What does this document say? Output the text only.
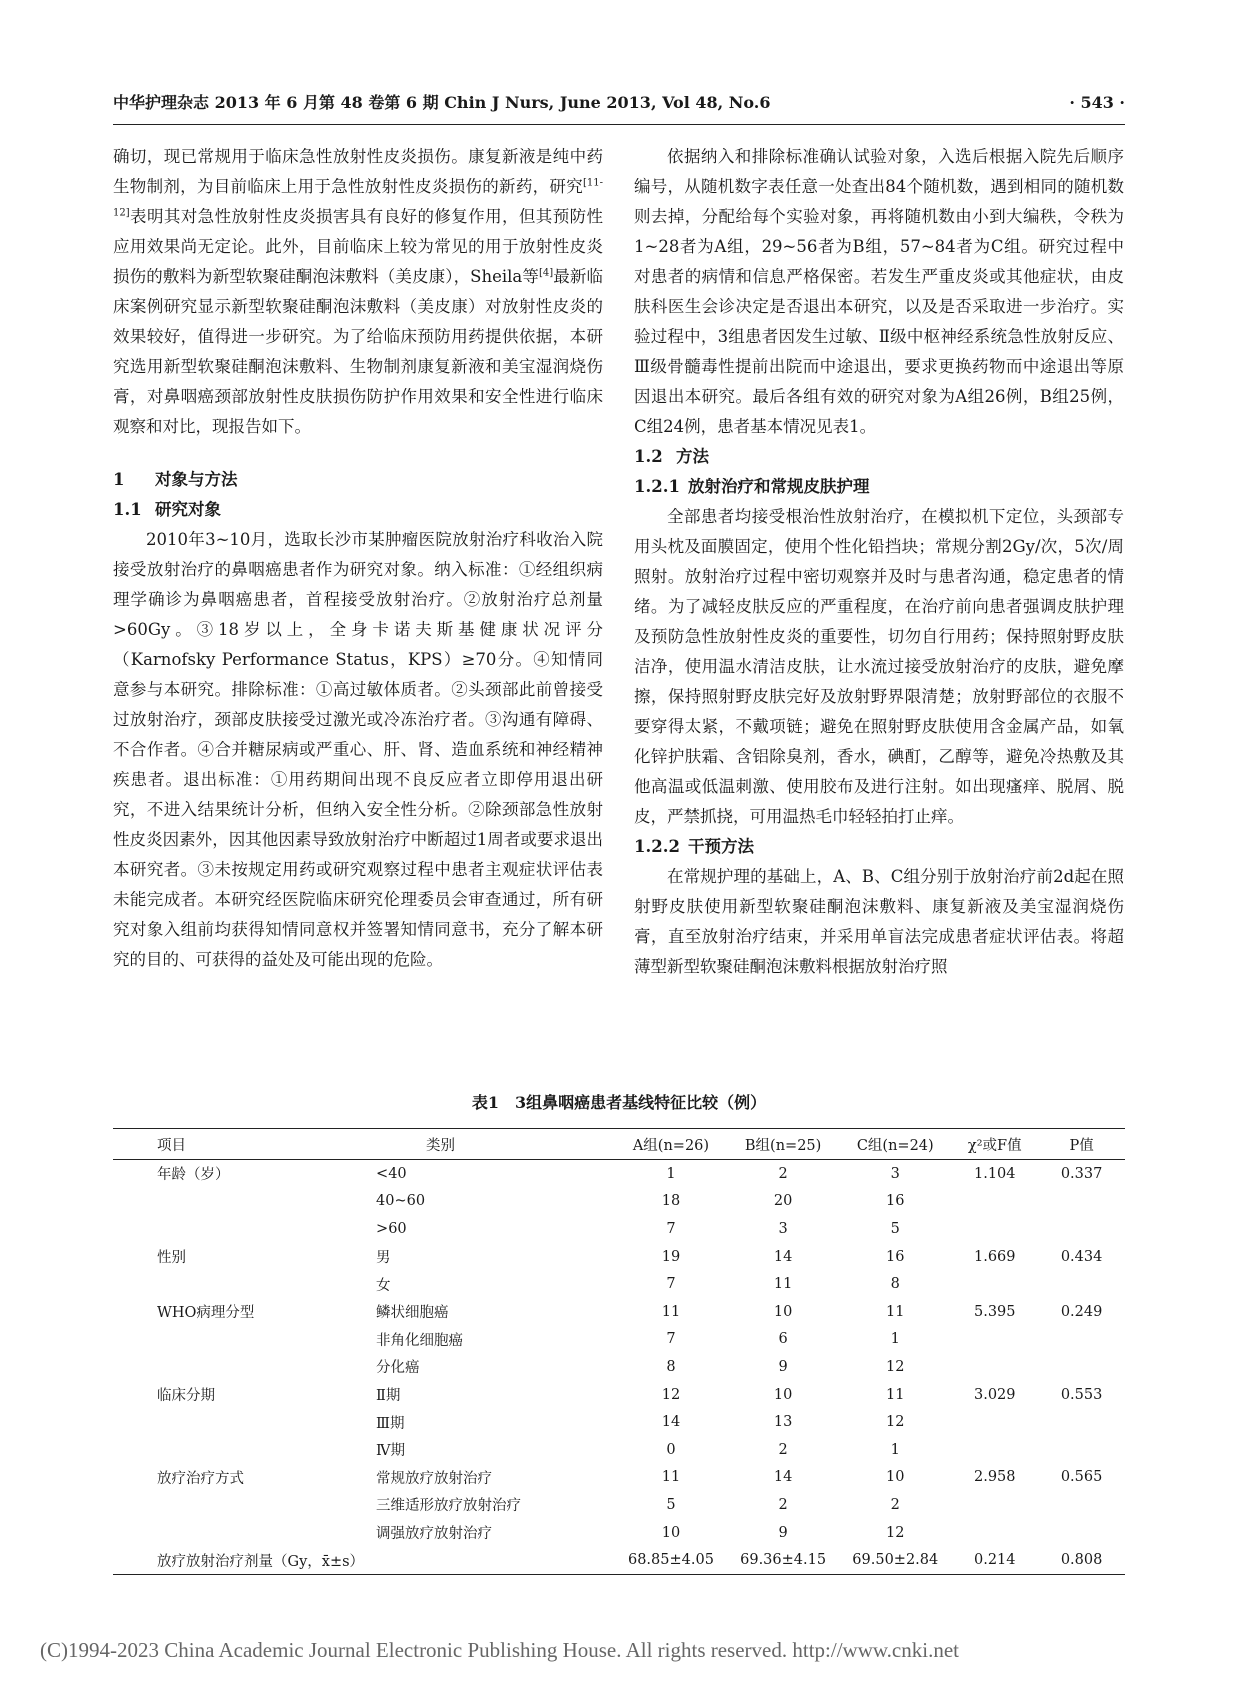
中华护理杂志 2013 年 6 月第 48 卷第 6 期 Chin J Nurs, June 2013, Vol 48, No.6	· 543 ·

确切，现已常规用于临床急性放射性皮炎损伤。康复新液是纯中药生物制剂，为目前临床上用于急性放射性皮炎损伤的新药，研究[11-12]表明其对急性放射性皮炎损害具有良好的修复作用，但其预防性应用效果尚无定论。此外，目前临床上较为常见的用于放射性皮炎损伤的敷料为新型软聚硅酮泡沫敷料（美皮康），Sheila等[4]最新临床案例研究显示新型软聚硅酮泡沫敷料（美皮康）对放射性皮炎的效果较好，值得进一步研究。为了给临床预防用药提供依据，本研究选用新型软聚硅酮泡沫敷料、生物制剂康复新液和美宝湿润烧伤膏，对鼻咽癌颈部放射性皮肤损伤防护作用效果和安全性进行临床观察和对比，现报告如下。

1 对象与方法
1.1 研究对象

2010年3~10月，选取长沙市某肿瘤医院放射治疗科收治入院接受放射治疗的鼻咽癌患者作为研究对象。纳入标准：①经组织病理学确诊为鼻咽癌患者，首程接受放射治疗。②放射治疗总剂量>60Gy。③18岁以上，全身卡诺夫斯基健康状况评分（Karnofsky Performance Status，KPS）≥70分。④知情同意参与本研究。排除标准：①高过敏体质者。②头颈部此前曾接受过放射治疗，颈部皮肤接受过激光或冷冻治疗者。③沟通有障碍、不合作者。④合并糖尿病或严重心、肝、肾、造血系统和神经精神疾患者。退出标准：①用药期间出现不良反应者立即停用退出研究，不进入结果统计分析，但纳入安全性分析。②除颈部急性放射性皮炎因素外，因其他因素导致放射治疗中断超过1周者或要求退出本研究者。③未按规定用药或研究观察过程中患者主观症状评估表未能完成者。本研究经医院临床研究伦理委员会审查通过，所有研究对象入组前均获得知情同意权并签署知情同意书，充分了解本研究的目的、可获得的益处及可能出现的危险。

依据纳入和排除标准确认试验对象，入选后根据入院先后顺序编号，从随机数字表任意一处查出84个随机数，遇到相同的随机数则去掉，分配给每个实验对象，再将随机数由小到大编秩，令秩为1~28者为A组，29~56者为B组，57~84者为C组。研究过程中对患者的病情和信息严格保密。若发生严重皮炎或其他症状，由皮肤科医生会诊决定是否退出本研究，以及是否采取进一步治疗。实验过程中，3组患者因发生过敏、Ⅱ级中枢神经系统急性放射反应、Ⅲ级骨髓毒性提前出院而中途退出，要求更换药物而中途退出等原因退出本研究。最后各组有效的研究对象为A组26例，B组25例，C组24例，患者基本情况见表1。

1.2 方法
1.2.1 放射治疗和常规皮肤护理

全部患者均接受根治性放射治疗，在模拟机下定位，头颈部专用头枕及面膜固定，使用个性化铅挡块；常规分割2Gy/次，5次/周照射。放射治疗过程中密切观察并及时与患者沟通，稳定患者的情绪。为了减轻皮肤反应的严重程度，在治疗前向患者强调皮肤护理及预防急性放射性皮炎的重要性，切勿自行用药；保持照射野皮肤洁净，使用温水清洁皮肤，让水流过接受放射治疗的皮肤，避免摩擦，保持照射野皮肤完好及放射野界限清楚；放射野部位的衣服不要穿得太紧，不戴项链；避免在照射野皮肤使用含金属产品，如氧化锌护肤霜、含铝除臭剂，香水，碘酊，乙醇等，避免冷热敷及其他高温或低温刺激、使用胶布及进行注射。如出现瘙痒、脱屑、脱皮，严禁抓挠，可用温热毛巾轻轻拍打止痒。

1.2.2 干预方法

在常规护理的基础上，A、B、C组分别于放射治疗前2d起在照射野皮肤使用新型软聚硅酮泡沫敷料、康复新液及美宝湿润烧伤膏，直至放射治疗结束，并采用单盲法完成患者症状评估表。将超薄型新型软聚硅酮泡沫敷料根据放射治疗照

表1　3组鼻咽癌患者基线特征比较（例）
项目	类别	A组(n=26)	B组(n=25)	C组(n=24)	χ²或F值	P值
年龄（岁）	<40	1	2	3	1.104	0.337
	40~60	18	20	16		
	>60	7	3	5		
性别	男	19	14	16	1.669	0.434
	女	7	11	8		
WHO病理分型	鳞状细胞癌	11	10	11	5.395	0.249
	非角化细胞癌	7	6	1		
	分化癌	8	9	12		
临床分期	Ⅱ期	12	10	11	3.029	0.553
	Ⅲ期	14	13	12		
	Ⅳ期	0	2	1		
放疗治疗方式	常规放疗放射治疗	11	14	10	2.958	0.565
	三维适形放疗放射治疗	5	2	2		
	调强放疗放射治疗	10	9	12		
放疗放射治疗剂量（Gy，x̄±s）		68.85±4.05	69.36±4.15	69.50±2.84	0.214	0.808
(C)1994-2023 China Academic Journal Electronic Publishing House. All rights reserved. http://www.cnki.net
